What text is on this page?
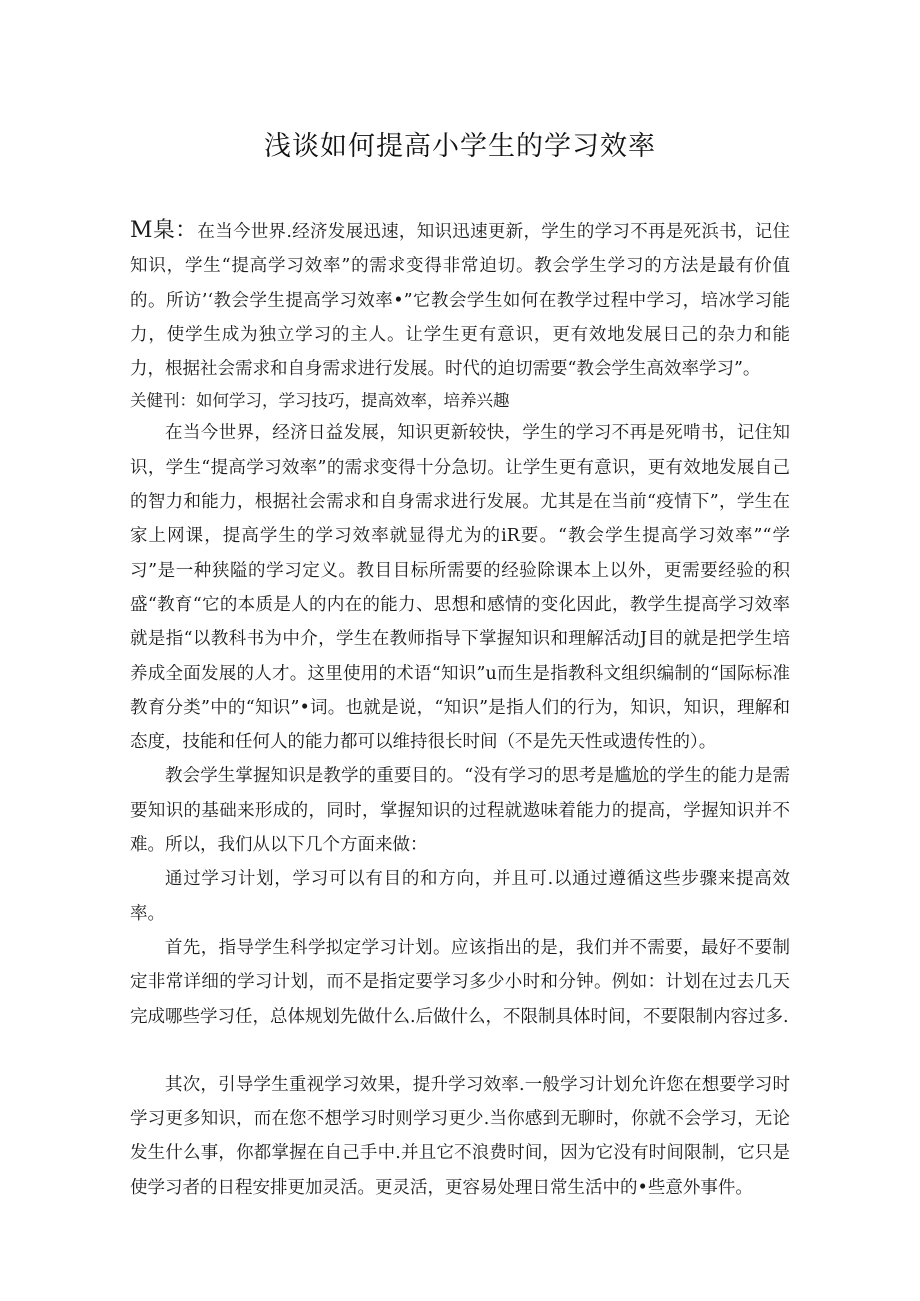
浅谈如何提高小学生的学习效率

M臬：在当今世界.经济发展迅速，知识迅速更新，学生的学习不再是死浜书，记住知识，学生“提高学习效率”的需求变得非常迫切。教会学生学习的方法是最有价值的。所访’‘教会学生提高学习效率•”它教会学生如何在教学过程中学习，培冰学习能力，使学生成为独立学习的主人。让学生更有意识，更有效地发展日己的杂力和能力，根据社会需求和自身需求进行发展。时代的迫切需要“教会学生高效率学习”。

关健刊：如何学习，学习技巧，提高效率，培养兴趣

在当今世界，经济日益发展，知识更新较快，学生的学习不再是死啃书，记住知识，学生“提高学习效率”的需求变得十分急切。让学生更有意识，更有效地发展自己的智力和能力，根据社会需求和自身需求进行发展。尤其是在当前“疫情下”，学生在家上网课，提高学生的学习效率就显得尤为的iR要。“教会学生提高学习效率”“学习”是一种狭隘的学习定义。教目目标所需要的经验除课本上以外，更需要经验的积盛“教育“它的本质是人的内在的能力、思想和感情的变化因此，教学生提高学习效率就是指“以教科书为中介，学生在教师指导下掌握知识和理解活动J目的就是把学生培养成全面发展的人才。这里使用的术语“知识”u而生是指教科文组织编制的“国际标准教育分类”中的“知识”•词。也就是说，“知识”是指人们的行为，知识，知识，理解和态度，技能和任何人的能力都可以维持很长时间（不是先天性或遗传性的）。

教会学生掌握知识是教学的重要目的。“没有学习的思考是尴尬的学生的能力是需要知识的基础来形成的，同时，掌握知识的过程就遨味着能力的提高，学握知识并不难。所以，我们从以下几个方面来做：

通过学习计划，学习可以有目的和方向，并且可.以通过遵循这些步骤来提高效率。

首先，指导学生科学拟定学习计划。应该指出的是，我们并不需要，最好不要制定非常详细的学习计划，而不是指定要学习多少小时和分钟。例如：计划在过去几天完成哪些学习任，总体规划先做什么.后做什么，不限制具体时间，不要限制内容过多.

其次，引导学生重视学习效果，提升学习效率.一般学习计划允许您在想要学习时学习更多知识，而在您不想学习时则学习更少.当你感到无聊时，你就不会学习，无论发生什么事，你都掌握在自己手中.并且它不浪费时间，因为它没有时间限制，它只是使学习者的日程安排更加灵活。更灵活，更容易处理日常生活中的•些意外事件。
